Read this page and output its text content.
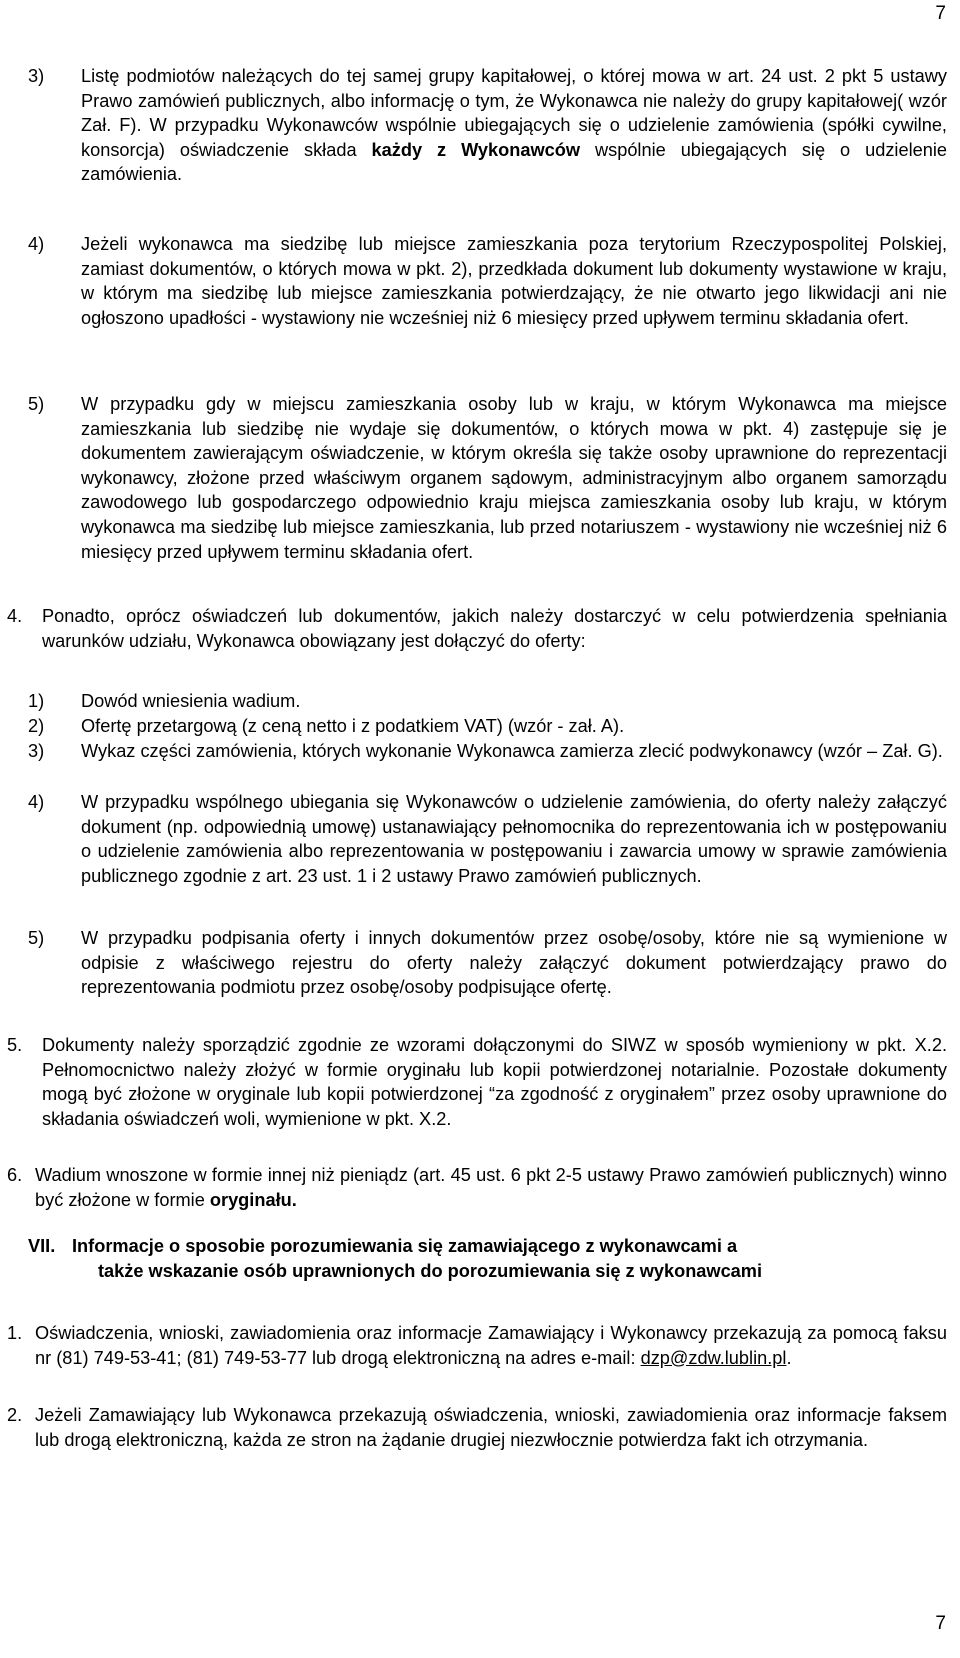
7
3) Listę podmiotów należących do tej samej grupy kapitałowej, o której mowa w art. 24 ust. 2 pkt 5 ustawy Prawo zamówień publicznych, albo informację o tym, że Wykonawca nie należy do grupy kapitałowej( wzór Zał. F). W przypadku Wykonawców wspólnie ubiegających się o udzielenie zamówienia (spółki cywilne, konsorcja) oświadczenie składa każdy z Wykonawców wspólnie ubiegających się o udzielenie zamówienia.
4) Jeżeli wykonawca ma siedzibę lub miejsce zamieszkania poza terytorium Rzeczypospolitej Polskiej, zamiast dokumentów, o których mowa w pkt. 2), przedkłada dokument lub dokumenty wystawione w kraju, w którym ma siedzibę lub miejsce zamieszkania potwierdzający, że nie otwarto jego likwidacji ani nie ogłoszono upadłości - wystawiony nie wcześniej niż 6 miesięcy przed upływem terminu składania ofert.
5) W przypadku gdy w miejscu zamieszkania osoby lub w kraju, w którym Wykonawca ma miejsce zamieszkania lub siedzibę nie wydaje się dokumentów, o których mowa w pkt. 4) zastępuje się je dokumentem zawierającym oświadczenie, w którym określa się także osoby uprawnione do reprezentacji wykonawcy, złożone przed właściwym organem sądowym, administracyjnym albo organem samorządu zawodowego lub gospodarczego odpowiednio kraju miejsca zamieszkania osoby lub kraju, w którym wykonawca ma siedzibę lub miejsce zamieszkania, lub przed notariuszem - wystawiony nie wcześniej niż 6 miesięcy przed upływem terminu składania ofert.
4. Ponadto, oprócz oświadczeń lub dokumentów, jakich należy dostarczyć w celu potwierdzenia spełniania warunków udziału, Wykonawca obowiązany jest dołączyć do oferty:
1) Dowód wniesienia wadium.
2) Ofertę przetargową (z ceną netto i z podatkiem VAT) (wzór - zał. A).
3) Wykaz części zamówienia, których wykonanie Wykonawca zamierza zlecić podwykonawcy (wzór – Zał. G).
4) W przypadku wspólnego ubiegania się Wykonawców o udzielenie zamówienia, do oferty należy załączyć dokument (np. odpowiednią umowę) ustanawiający pełnomocnika do reprezentowania ich w postępowaniu o udzielenie zamówienia albo reprezentowania w postępowaniu i zawarcia umowy w sprawie zamówienia publicznego zgodnie z art. 23 ust. 1 i 2 ustawy Prawo zamówień publicznych.
5) W przypadku podpisania oferty i innych dokumentów przez osobę/osoby, które nie są wymienione w odpisie z właściwego rejestru do oferty należy załączyć dokument potwierdzający prawo do reprezentowania podmiotu przez osobę/osoby podpisujące ofertę.
5. Dokumenty należy sporządzić zgodnie ze wzorami dołączonymi do SIWZ w sposób wymieniony w pkt. X.2. Pełnomocnictwo należy złożyć w formie oryginału lub kopii potwierdzonej notarialnie. Pozostałe dokumenty mogą być złożone w oryginale lub kopii potwierdzonej “za zgodność z oryginałem” przez osoby uprawnione do składania oświadczeń woli, wymienione w pkt. X.2.
6. Wadium wnoszone w formie innej niż pieniądz (art. 45 ust. 6 pkt 2-5 ustawy Prawo zamówień publicznych) winno być złożone w formie oryginału.
VII. Informacje o sposobie porozumiewania się zamawiającego z wykonawcami a
także wskazanie osób uprawnionych do porozumiewania się z wykonawcami
1. Oświadczenia, wnioski, zawiadomienia oraz informacje Zamawiający i Wykonawcy przekazują za pomocą faksu nr (81) 749-53-41; (81) 749-53-77 lub drogą elektroniczną na adres e-mail: dzp@zdw.lublin.pl.
2. Jeżeli Zamawiający lub Wykonawca przekazują oświadczenia, wnioski, zawiadomienia oraz informacje faksem lub drogą elektroniczną, każda ze stron na żądanie drugiej niezwłocznie potwierdza fakt ich otrzymania.
7
